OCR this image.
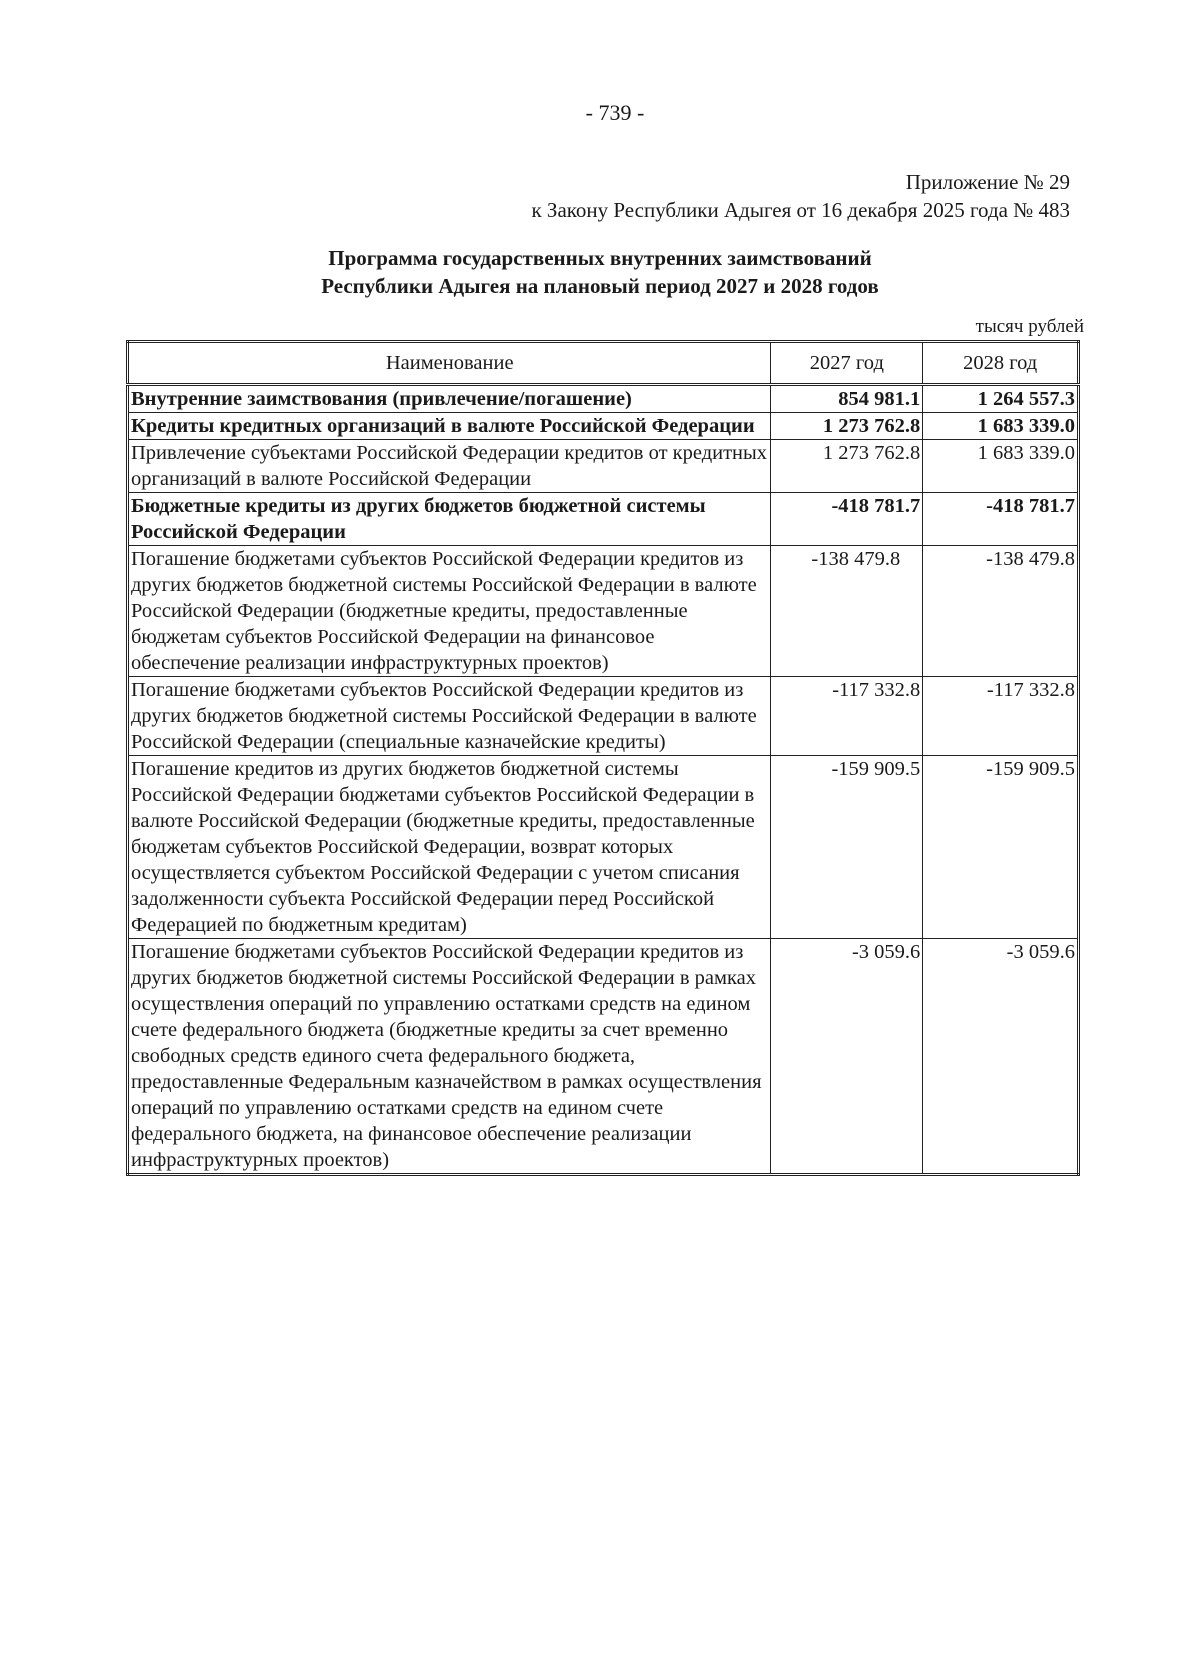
- 739 -
Приложение № 29
к Закону Республики Адыгея от 16 декабря 2025 года № 483
Программа государственных внутренних заимствований
Республики Адыгея на плановый период 2027 и 2028 годов
тысяч рублей
Наименование	2027 год	2028 год
Внутренние заимствования (привлечение/погашение)	854 981.1	1 264 557.3
Кредиты кредитных организаций в валюте Российской Федерации	1 273 762.8	1 683 339.0
Привлечение субъектами Российской Федерации кредитов от кредитных организаций в валюте Российской Федерации	1 273 762.8	1 683 339.0
Бюджетные кредиты из других бюджетов бюджетной системы Российской Федерации	-418 781.7	-418 781.7
Погашение бюджетами субъектов Российской Федерации кредитов из других бюджетов бюджетной системы Российской Федерации в валюте Российской Федерации (бюджетные кредиты, предоставленные бюджетам субъектов Российской Федерации на финансовое обеспечение реализации инфраструктурных проектов)	-138 479.8	-138 479.8
Погашение бюджетами субъектов Российской Федерации кредитов из других бюджетов бюджетной системы Российской Федерации в валюте Российской Федерации (специальные казначейские кредиты)	-117 332.8	-117 332.8
Погашение кредитов из других бюджетов бюджетной системы Российской Федерации бюджетами субъектов Российской Федерации в валюте Российской Федерации (бюджетные кредиты, предоставленные бюджетам субъектов Российской Федерации, возврат которых осуществляется субъектом Российской Федерации с учетом списания задолженности субъекта Российской Федерации перед Российской Федерацией по бюджетным кредитам)	-159 909.5	-159 909.5
Погашение бюджетами субъектов Российской Федерации кредитов из других бюджетов бюджетной системы Российской Федерации в рамках осуществления операций по управлению остатками средств на едином счете федерального бюджета (бюджетные кредиты за счет временно свободных средств единого счета федерального бюджета, предоставленные Федеральным казначейством в рамках осуществления операций по управлению остатками средств на едином счете федерального бюджета, на финансовое обеспечение реализации инфраструктурных проектов)	-3 059.6	-3 059.6
